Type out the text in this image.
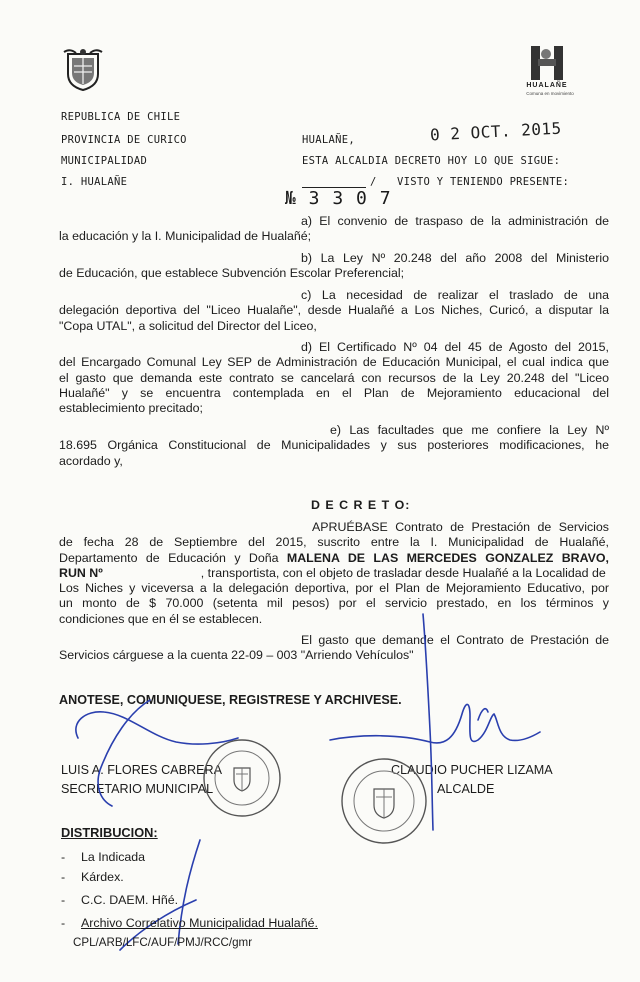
HUALAÑE
Comuna en movimiento
REPUBLICA DE CHILE
PROVINCIA DE CURICO
MUNICIPALIDAD
I. HUALAÑE
HUALAÑE,	0 2 OCT. 2015
ESTA ALCALDIA DECRETO HOY LO QUE SIGUE:
/ VISTO Y TENIENDO PRESENTE:
№ 3 3 0 7
a) El convenio de traspaso de la administración de
la educación y la I. Municipalidad de Hualañé;
b) La Ley Nº 20.248 del año 2008 del Ministerio
de Educación, que establece Subvención Escolar Preferencial;
c) La necesidad de realizar el traslado de una
delegación deportiva del "Liceo Hualañe", desde Hualañé a Los Niches, Curicó, a disputar la
"Copa UTAL", a solicitud del Director del Liceo,
d) El Certificado Nº 04 del 45 de Agosto del 2015,
del Encargado Comunal Ley SEP de Administración de Educación Municipal, el cual indica que
el gasto que demanda este contrato se cancelará con recursos de la Ley 20.248 del "Liceo
Hualañé" y se encuentra contemplada en el Plan de Mejoramiento educacional del
establecimiento precitado;
e) Las facultades que me confiere la Ley Nº
18.695 Orgánica Constitucional de Municipalidades y sus posteriores modificaciones, he
acordado y,
D E C R E T O:
APRUÉBASE Contrato de Prestación de Servicios
de fecha 28 de Septiembre del 2015, suscrito entre la I. Municipalidad de Hualañé,
Departamento de Educación y Doña MALENA DE LAS MERCEDES GONZALEZ BRAVO,
RUN Nº	, transportista, con el objeto de trasladar desde Hualañé a la Localidad de
Los Niches y viceversa a la delegación deportiva, por el Plan de Mejoramiento Educativo, por
un monto de $ 70.000 (setenta mil pesos) por el servicio prestado, en los términos y
condiciones que en él se establecen.
El gasto que demande el Contrato de Prestación de
Servicios cárguese a la cuenta 22-09 – 003 "Arriendo Vehículos"
ANOTESE, COMUNIQUESE, REGISTRESE Y ARCHIVESE.
LUIS A. FLORES CABRERA
SECRETARIO MUNICIPAL
CLAUDIO PUCHER LIZAMA
ALCALDE
DISTRIBUCION:
- La Indicada
- Kárdex.
- C.C. DAEM. Hñé.
- Archivo Correlativo Municipalidad Hualañé.
CPL/ARB/LFC/AUF/PMJ/RCC/gmr
